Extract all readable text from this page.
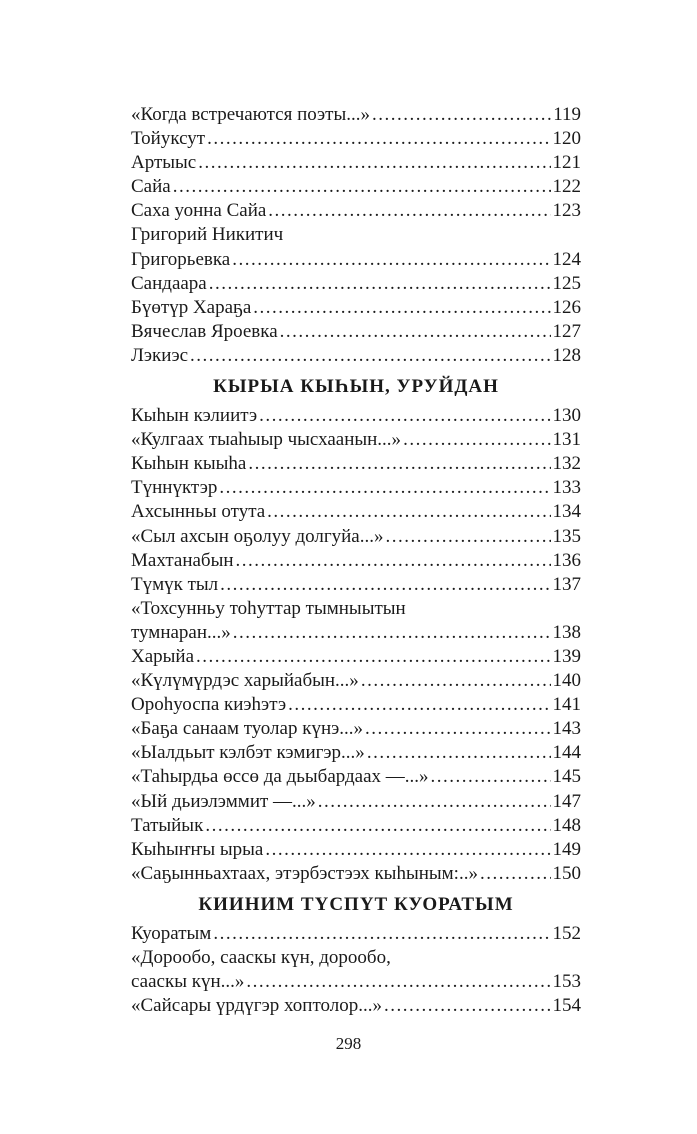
«Когда встречаются поэты...» .....	119
Тойуксут .....	120
Артыыс .....	121
Сайа .....	122
Саха уонна Сайа .....	123
Григорий Никитич
Григорьевка .....	124
Сандаара .....	125
Бүөтүр Хараҕа .....	126
Вячеслав Яроевка .....	127
Лэкиэс .....	128
КЫРЫА КЫҺЫН, УРУЙДАН
Кыһын кэлиитэ .....	130
«Кулгаах тыаһыыр чысхаанын...» .....	131
Кыһын кыыһа .....	132
Түннүктэр .....	133
Ахсынньы отута .....	134
«Сыл ахсын оҕолуу долгуйа...» .....	135
Махтанабын .....	136
Түмүк тыл .....	137
«Тохсунньу тоһуттар тымныытын
тумнаран...» .....	138
Харыйа .....	139
«Күлүмүрдэс харыйабын...» .....	140
Ороһуоспа киэһэтэ .....	141
«Баҕа санаам туолар күнэ...» .....	143
«Ыалдьыт кэлбэт кэмигэр...» .....	144
«Таһырдьа өссө да дьыбардаах —...» .....	145
«Ый дьиэлэммит —...» .....	147
Татыйык .....	148
Кыһыҥҥы ырыа .....	149
«Саҕынньахтаах, этэрбэстээх кыһыным:..» .....	150
КИИНИМ ТҮСПҮТ КУОРАТЫМ
Куоратым .....	152
«Дорообо, сааскы күн, дорообо,
сааскы күн...» .....	153
«Сайсары үрдүгэр хоптолор...» .....	154
298
